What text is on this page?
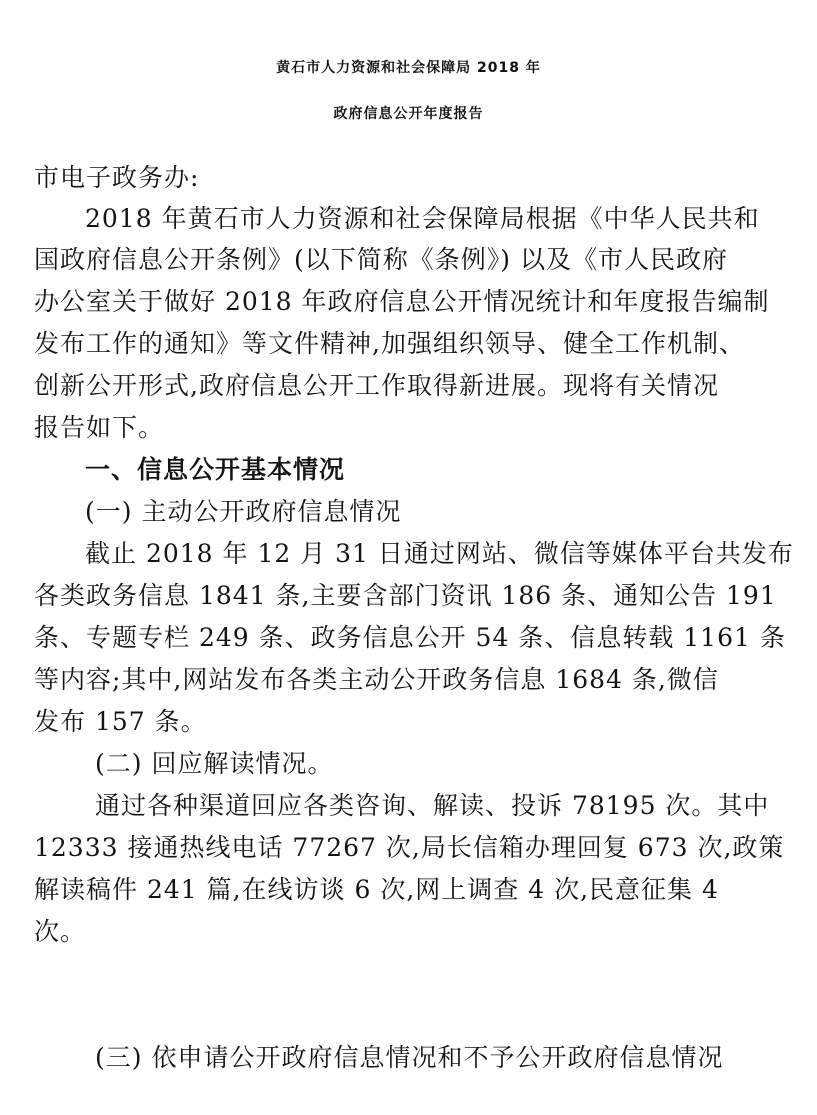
黄石市人力资源和社会保障局 2018 年
政府信息公开年度报告
市电子政务办:
2018 年黄石市人力资源和社会保障局根据《中华人民共和
国政府信息公开条例》(以下简称《条例》) 以及《市人民政府
办公室关于做好 2018 年政府信息公开情况统计和年度报告编制
发布工作的通知》等文件精神,加强组织领导、健全工作机制、
创新公开形式,政府信息公开工作取得新进展。现将有关情况
报告如下。
一、信息公开基本情况
(一) 主动公开政府信息情况
截止 2018 年 12 月 31 日通过网站、微信等媒体平台共发布
各类政务信息 1841 条,主要含部门资讯 186 条、通知公告 191
条、专题专栏 249 条、政务信息公开 54 条、信息转载 1161 条
等内容;其中,网站发布各类主动公开政务信息 1684 条,微信
发布 157 条。
(二) 回应解读情况。
通过各种渠道回应各类咨询、解读、投诉 78195 次。其中
12333 接通热线电话 77267 次,局长信箱办理回复 673 次,政策
解读稿件 241 篇,在线访谈 6 次,网上调查 4 次,民意征集 4
次。
(三) 依申请公开政府信息情况和不予公开政府信息情况
